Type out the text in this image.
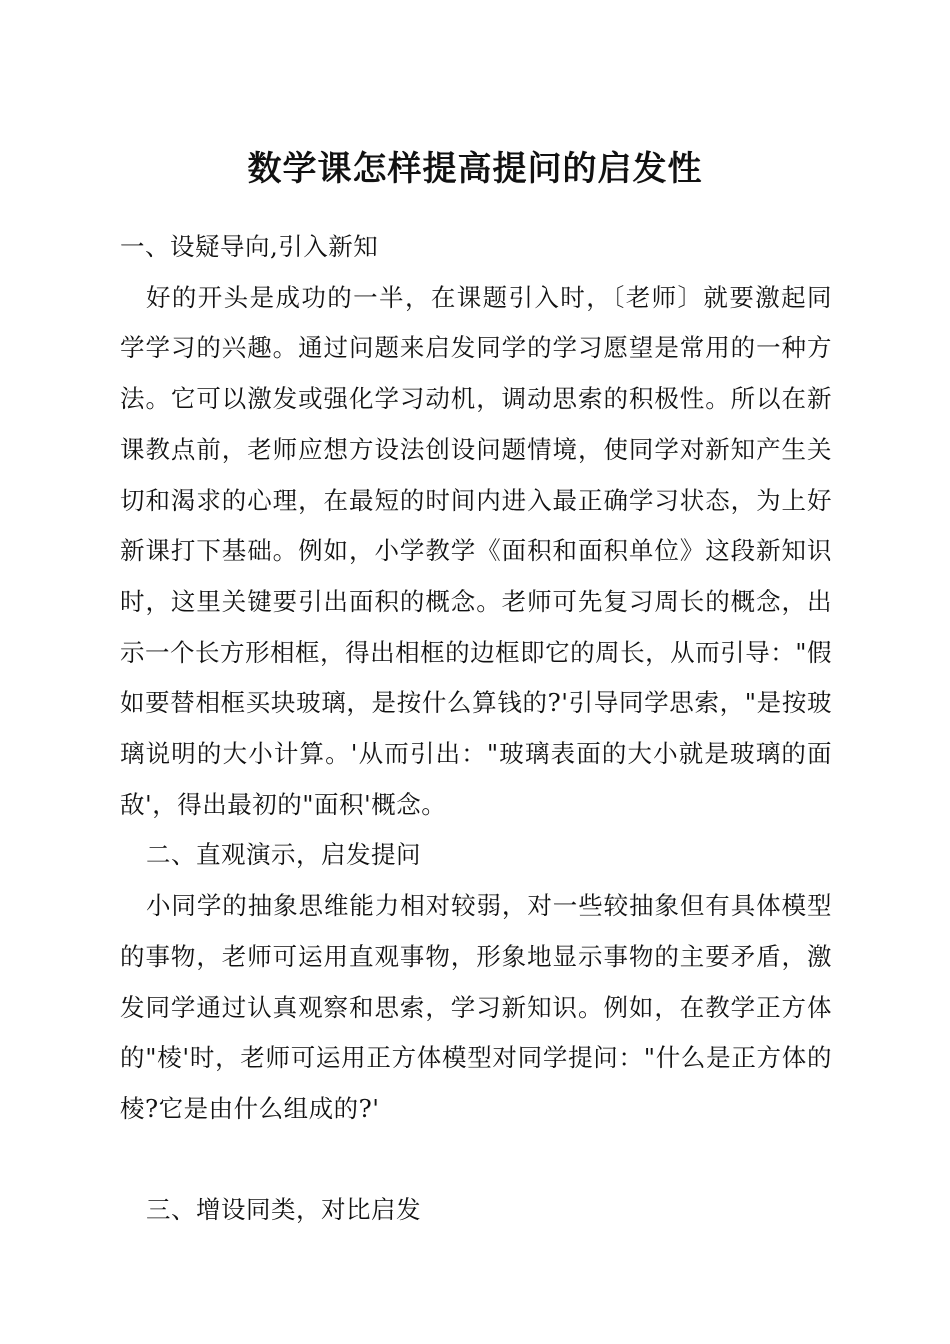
数学课怎样提高提问的启发性

一、设疑导向,引入新知

好的开头是成功的一半，在课题引入时，〔老师〕就要激起同学学习的兴趣。通过问题来启发同学的学习愿望是常用的一种方法。它可以激发或强化学习动机，调动思索的积极性。所以在新课教点前，老师应想方设法创设问题情境，使同学对新知产生关切和渴求的心理，在最短的时间内进入最正确学习状态，为上好新课打下基础。例如，小学教学《面积和面积单位》这段新知识时，这里关键要引出面积的概念。老师可先复习周长的概念，出示一个长方形相框，得出相框的边框即它的周长，从而引导："假如要替相框买块玻璃，是按什么算钱的?'引导同学思索，"是按玻璃说明的大小计算。'从而引出："玻璃表面的大小就是玻璃的面敌'，得出最初的"面积'概念。

二、直观演示，启发提问

小同学的抽象思维能力相对较弱，对一些较抽象但有具体模型的事物，老师可运用直观事物，形象地显示事物的主要矛盾，激发同学通过认真观察和思索，学习新知识。例如，在教学正方体的"棱'时，老师可运用正方体模型对同学提问："什么是正方体的棱?它是由什么组成的?'

三、增设同类，对比启发
